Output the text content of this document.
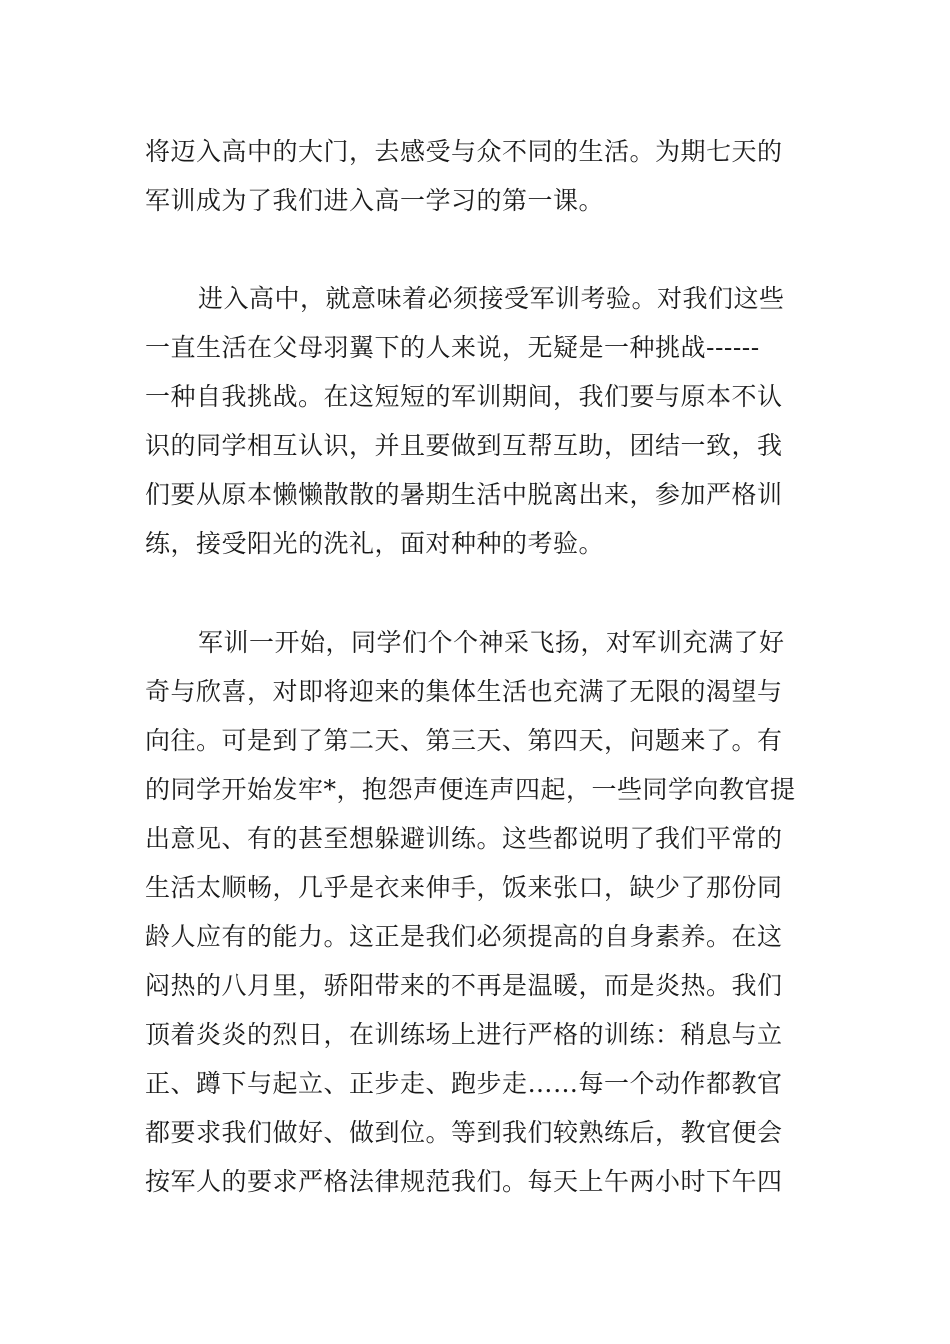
将迈入高中的大门，去感受与众不同的生活。为期七天的
军训成为了我们进入高一学习的第一课。
进入高中，就意味着必须接受军训考验。对我们这些
一直生活在父母羽翼下的人来说，无疑是一种挑战------
一种自我挑战。在这短短的军训期间，我们要与原本不认
识的同学相互认识，并且要做到互帮互助，团结一致，我
们要从原本懒懒散散的暑期生活中脱离出来，参加严格训
练，接受阳光的洗礼，面对种种的考验。
军训一开始，同学们个个神采飞扬，对军训充满了好
奇与欣喜，对即将迎来的集体生活也充满了无限的渴望与
向往。可是到了第二天、第三天、第四天，问题来了。有
的同学开始发牢*，抱怨声便连声四起，一些同学向教官提
出意见、有的甚至想躲避训练。这些都说明了我们平常的
生活太顺畅，几乎是衣来伸手，饭来张口，缺少了那份同
龄人应有的能力。这正是我们必须提高的自身素养。在这
闷热的八月里，骄阳带来的不再是温暖，而是炎热。我们
顶着炎炎的烈日，在训练场上进行严格的训练：稍息与立
正、蹲下与起立、正步走、跑步走……每一个动作都教官
都要求我们做好、做到位。等到我们较熟练后，教官便会
按军人的要求严格法律规范我们。每天上午两小时下午四
